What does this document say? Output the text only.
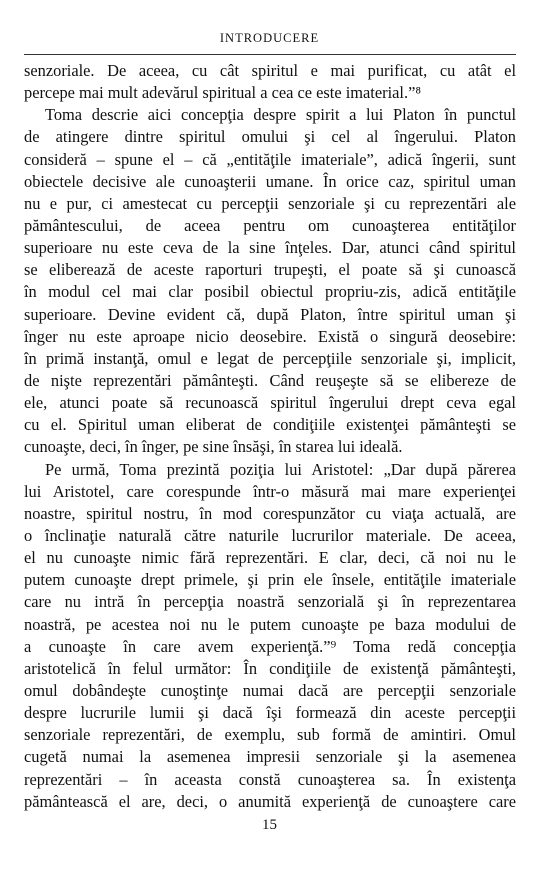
INTRODUCERE
senzoriale. De aceea, cu cât spiritul e mai purificat, cu atât el
percepe mai mult adevărul spiritual a cea ce este imaterial.”⁸
Toma descrie aici concepţia despre spirit a lui Platon în punctul
de atingere dintre spiritul omului şi cel al îngerului. Platon
consideră – spune el – că „entităţile imateriale”, adică îngerii, sunt
obiectele decisive ale cunoaşterii umane. În orice caz, spiritul uman
nu e pur, ci amestecat cu percepţii senzoriale şi cu reprezentări ale
pământescului, de aceea pentru om cunoaşterea entităţilor
superioare nu este ceva de la sine înţeles. Dar, atunci când spiritul
se eliberează de aceste raporturi trupeşti, el poate să şi cunoască
în modul cel mai clar posibil obiectul propriu-zis, adică entităţile
superioare. Devine evident că, după Platon, între spiritul uman şi
înger nu este aproape nicio deosebire. Există o singură deosebire:
în primă instanţă, omul e legat de percepţiile senzoriale şi, implicit,
de nişte reprezentări pământeşti. Când reuşeşte să se elibereze de
ele, atunci poate să recunoască spiritul îngerului drept ceva egal
cu el. Spiritul uman eliberat de condiţiile existenţei pământeşti se
cunoaşte, deci, în înger, pe sine însăşi, în starea lui ideală.
Pe urmă, Toma prezintă poziţia lui Aristotel: „Dar după părerea
lui Aristotel, care corespunde într-o măsură mai mare experienţei
noastre, spiritul nostru, în mod corespunzător cu viaţa actuală, are
o înclinaţie naturală către naturile lucrurilor materiale. De aceea,
el nu cunoaşte nimic fără reprezentări. E clar, deci, că noi nu le
putem cunoaşte drept primele, şi prin ele însele, entităţile imateriale
care nu intră în percepţia noastră senzorială şi în reprezentarea
noastră, pe acestea noi nu le putem cunoaşte pe baza modului de
a cunoaşte în care avem experienţă.”⁹ Toma redă concepţia
aristotelică în felul următor: În condiţiile de existenţă pământeşti,
omul dobândeşte cunoştinţe numai dacă are percepţii senzoriale
despre lucrurile lumii şi dacă îşi formează din aceste percepţii
senzoriale reprezentări, de exemplu, sub formă de amintiri. Omul
cugetă numai la asemenea impresii senzoriale şi la asemenea
reprezentări – în aceasta constă cunoaşterea sa. În existenţa
pământească el are, deci, o anumită experienţă de cunoaştere care
15
